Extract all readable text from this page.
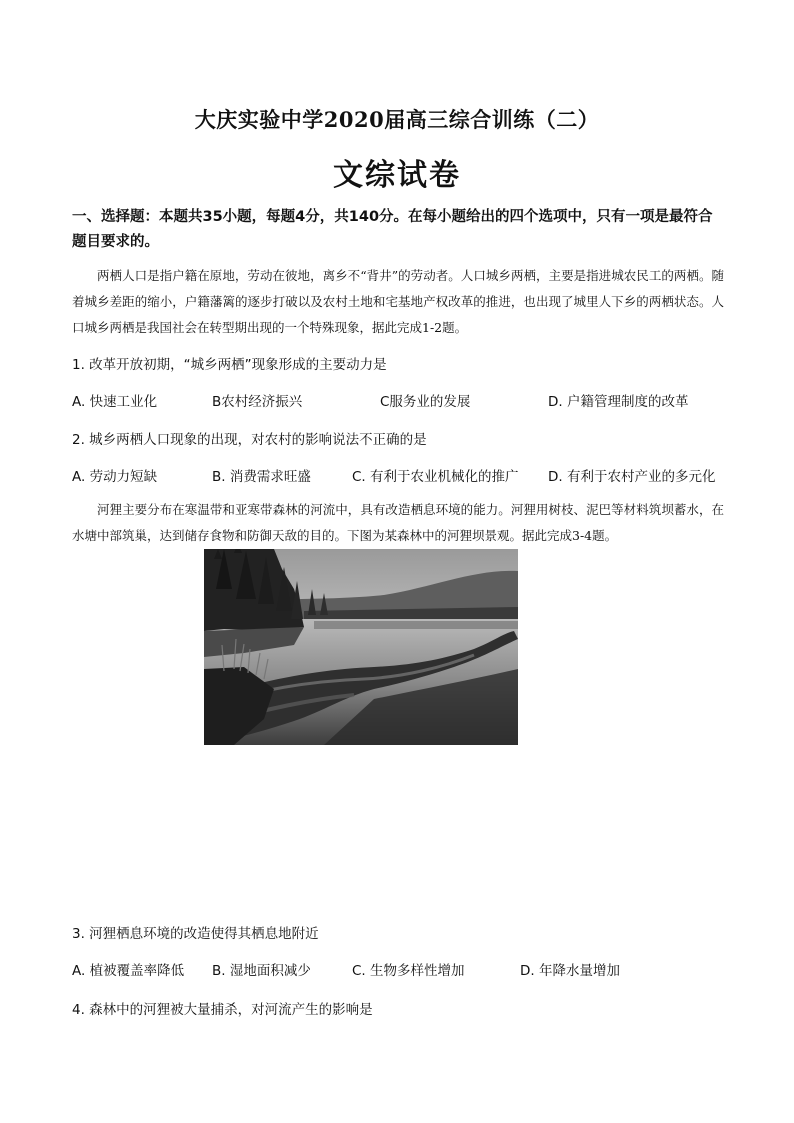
大庆实验中学2020届高三综合训练（二）
文综试卷
一、选择题：本题共35小题，每题4分，共140分。在每小题给出的四个选项中，只有一项是最符合题目要求的。
两栖人口是指户籍在原地，劳动在彼地，离乡不“背井”的劳动者。人口城乡两栖，主要是指进城农民工的两栖。随着城乡差距的缩小，户籍藩篱的逐步打破以及农村土地和宅基地产权改革的推进，也出现了城里人下乡的两栖状态。人口城乡两栖是我国社会在转型期出现的一个特殊现象，据此完成1-2题。
1. 改革开放初期，“城乡两栖”现象形成的主要动力是
A. 快速工业化	B农村经济振兴	C服务业的发展	D. 户籍管理制度的改革
2. 城乡两栖人口现象的出现，对农村的影响说法不正确的是
A. 劳动力短缺	B. 消费需求旺盛	C. 有利于农业机械化的推广 D. 有利于农村产业的多元化
河狸主要分布在寒温带和亚寒带森林的河流中，具有改造栖息环境的能力。河狸用树枝、泥巴等材料筑坝蓄水，在水塘中部筑巢，达到储存食物和防御天敌的目的。下图为某森林中的河狸坝景观。据此完成3-4题。
3. 河狸栖息环境的改造使得其栖息地附近
A. 植被覆盖率降低 B. 湿地面积减少	C. 生物多样性增加	D. 年降水量增加
4. 森林中的河狸被大量捕杀，对河流产生的影响是
